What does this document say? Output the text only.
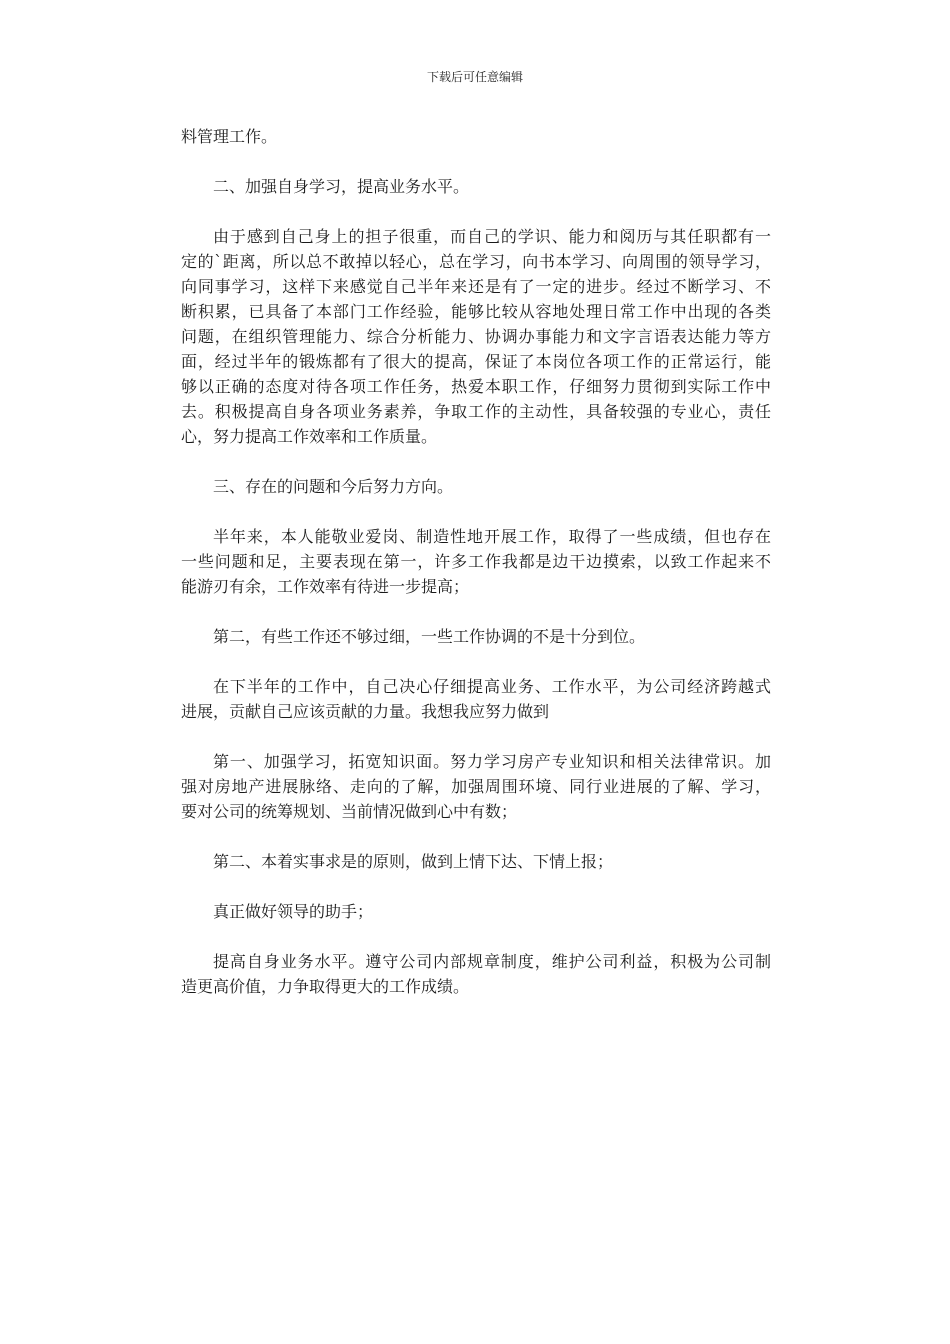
下载后可任意编辑
料管理工作。
二、加强自身学习，提高业务水平。
由于感到自己身上的担子很重，而自己的学识、能力和阅历与其任职都有一
定的`距离，所以总不敢掉以轻心，总在学习，向书本学习、向周围的领导学习，
向同事学习，这样下来感觉自己半年来还是有了一定的进步。经过不断学习、不
断积累，已具备了本部门工作经验，能够比较从容地处理日常工作中出现的各类
问题，在组织管理能力、综合分析能力、协调办事能力和文字言语表达能力等方
面，经过半年的锻炼都有了很大的提高，保证了本岗位各项工作的正常运行，能
够以正确的态度对待各项工作任务，热爱本职工作，仔细努力贯彻到实际工作中
去。积极提高自身各项业务素养，争取工作的主动性，具备较强的专业心，责任
心，努力提高工作效率和工作质量。
三、存在的问题和今后努力方向。
半年来，本人能敬业爱岗、制造性地开展工作，取得了一些成绩，但也存在
一些问题和足，主要表现在第一，许多工作我都是边干边摸索，以致工作起来不
能游刃有余，工作效率有待进一步提高；
第二，有些工作还不够过细，一些工作协调的不是十分到位。
在下半年的工作中，自己决心仔细提高业务、工作水平，为公司经济跨越式
进展，贡献自己应该贡献的力量。我想我应努力做到
第一、加强学习，拓宽知识面。努力学习房产专业知识和相关法律常识。加
强对房地产进展脉络、走向的了解，加强周围环境、同行业进展的了解、学习，
要对公司的统筹规划、当前情况做到心中有数；
第二、本着实事求是的原则，做到上情下达、下情上报；
真正做好领导的助手；
提高自身业务水平。遵守公司内部规章制度，维护公司利益，积极为公司制
造更高价值，力争取得更大的工作成绩。
